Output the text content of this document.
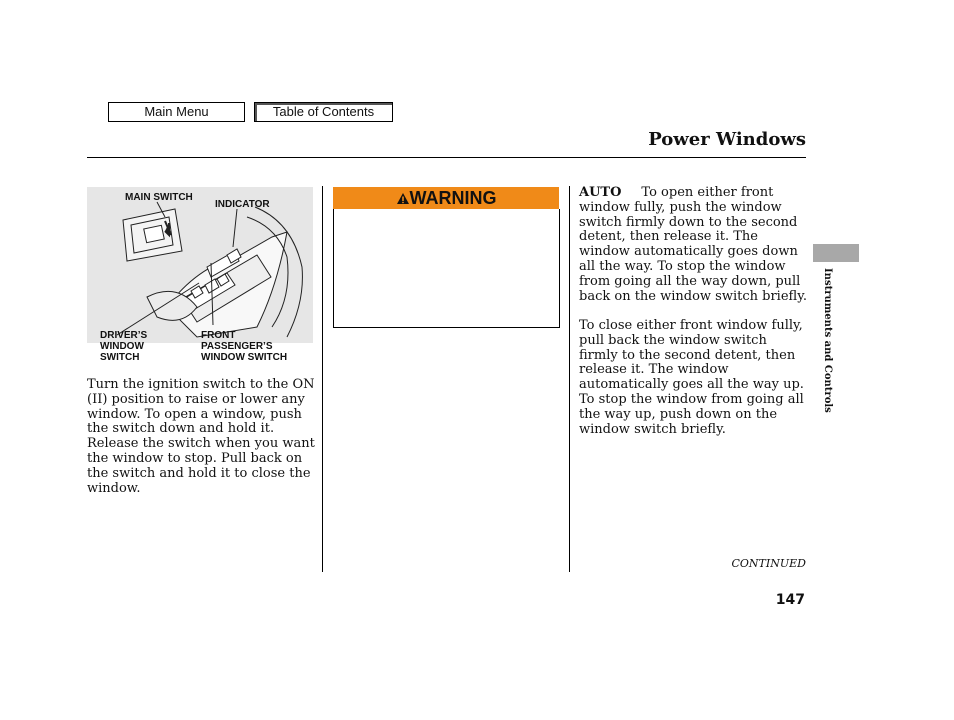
Main Menu	Table of Contents
Power Windows
MAIN SWITCH
INDICATOR
DRIVER’S
WINDOW
SWITCH
FRONT
PASSENGER’S
WINDOW SWITCH
Turn the ignition switch to the ON (II) position to raise or lower any window. To open a window, push the switch down and hold it. Release the switch when you want the window to stop. Pull back on the switch and hold it to close the window.
WARNING	AUTO To open either front window fully, push the window switch firmly down to the second detent, then release it. The window automatically goes down all the way. To stop the window from going all the way down, pull back on the window switch briefly.
To close either front window fully, pull back the window switch firmly to the second detent, then release it. The window automatically goes all the way up. To stop the window from going all the way up, push down on the window switch briefly.
Instruments and Controls
CONTINUED
147
